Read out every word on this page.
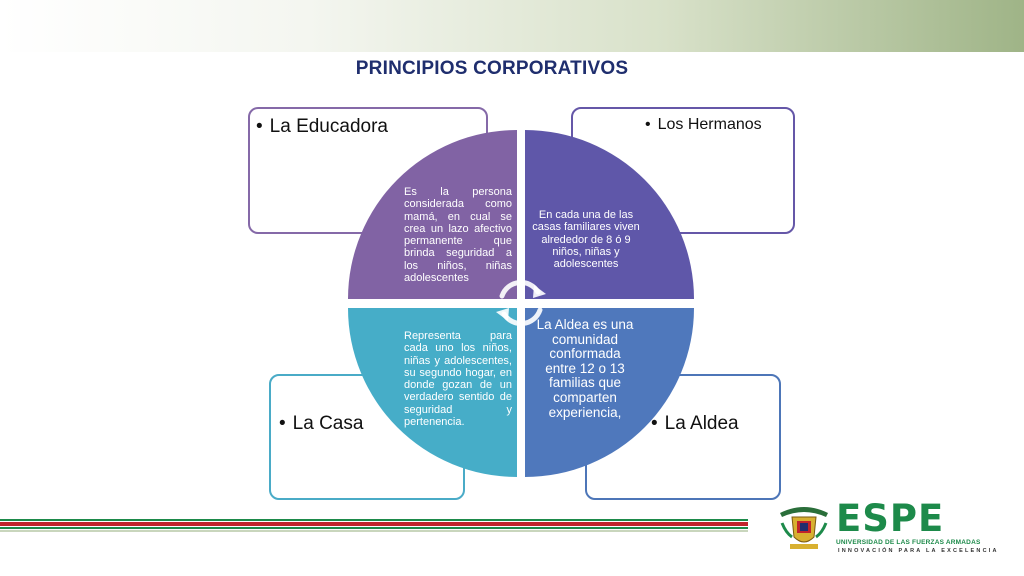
PRINCIPIOS CORPORATIVOS
• La Educadora	• Los Hermanos
• La Casa	• La Aldea
Es la persona considerada como mamá, en cual se crea un lazo afectivo permanente que brinda seguridad a los niños, niñas adolescentes
En cada una de las casas familiares viven alrededor de 8 ó 9 niños, niñas y adolescentes
Representa para cada uno los niños, niñas y adolescentes, su segundo hogar, en donde gozan de un verdadero sentido de seguridad y pertenencia.
La Aldea es una comunidad conformada entre 12 o 13 familias que comparten experiencia,
ESPE
UNIVERSIDAD DE LAS FUERZAS ARMADAS
INNOVACIÓN PARA LA EXCELENCIA
